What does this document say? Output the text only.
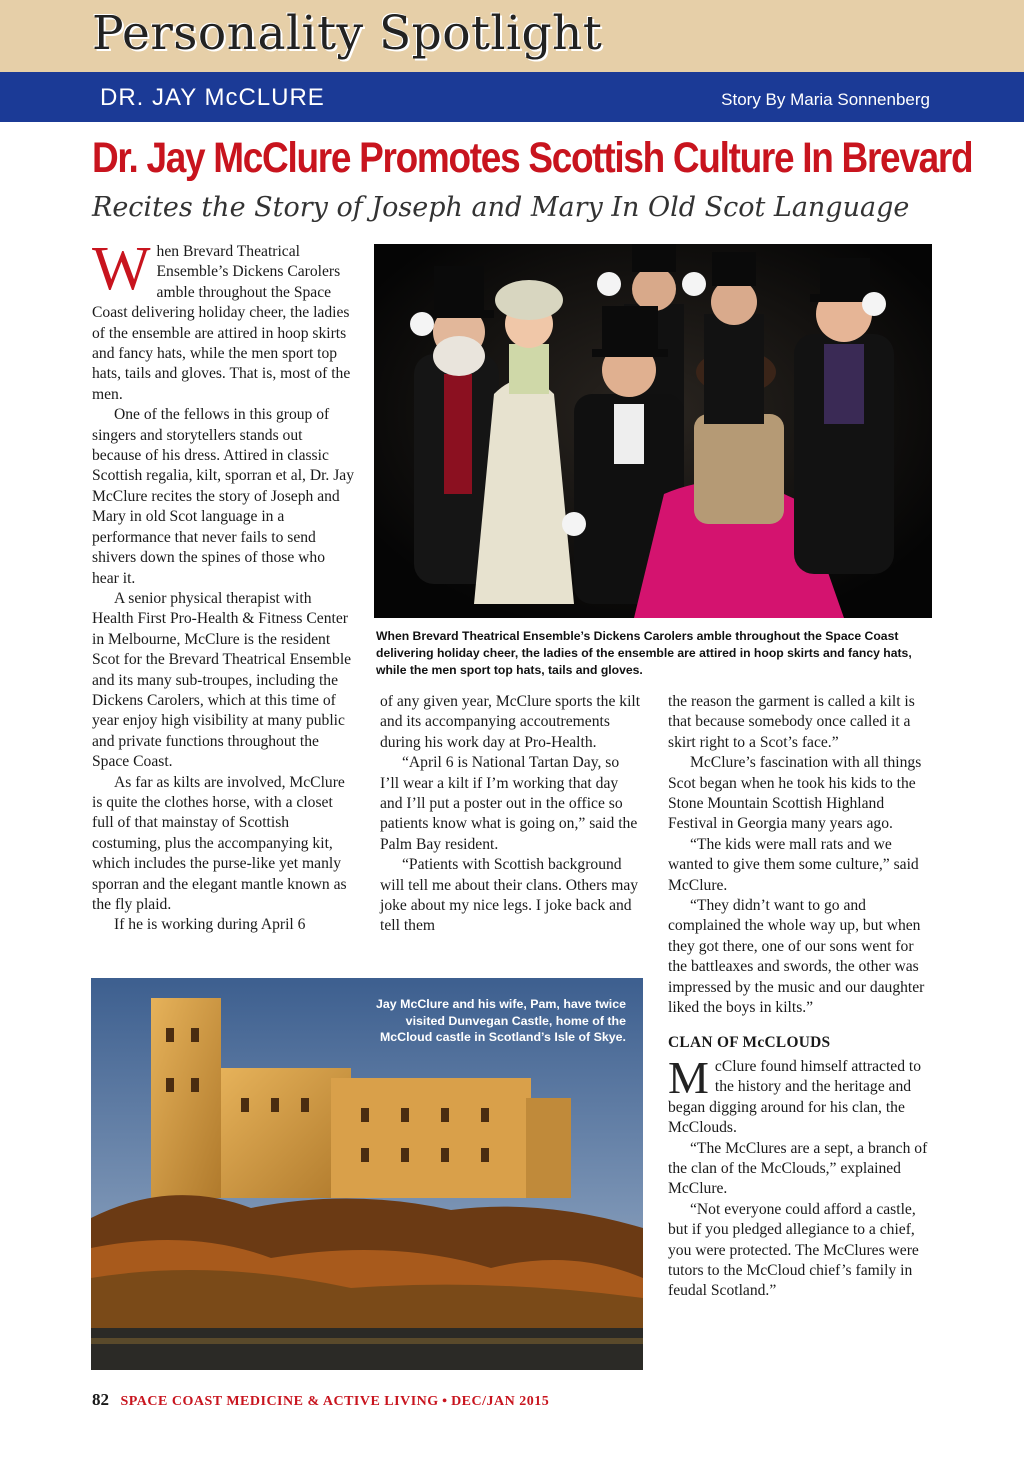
Personality Spotlight
DR. JAY McCLURE	Story By Maria Sonnenberg
Dr. Jay McClure Promotes Scottish Culture In Brevard
Recites the Story of Joseph and Mary In Old Scot Language

When Brevard Theatrical Ensemble’s Dickens Carolers amble throughout the Space Coast delivering holiday cheer, the ladies of the ensemble are attired in hoop skirts and fancy hats, while the men sport top hats, tails and gloves. That is, most of the men.

One of the fellows in this group of singers and storytellers stands out because of his dress. Attired in classic Scottish regalia, kilt, sporran et al, Dr. Jay McClure recites the story of Joseph and Mary in old Scot language in a performance that never fails to send shivers down the spines of those who hear it.

A senior physical therapist with Health First Pro-Health & Fitness Center in Melbourne, McClure is the resident Scot for the Brevard Theatrical Ensemble and its many sub-troupes, including the Dickens Carolers, which at this time of year enjoy high visibility at many public and private functions throughout the Space Coast.

As far as kilts are involved, McClure is quite the clothes horse, with a closet full of that mainstay of Scottish costuming, plus the accompanying kit, which includes the purse-like yet manly sporran and the elegant mantle known as the fly plaid.

If he is working during April 6

When Brevard Theatrical Ensemble’s Dickens Carolers amble throughout the Space Coast delivering holiday cheer, the ladies of the ensemble are attired in hoop skirts and fancy hats, while the men sport top hats, tails and gloves.

of any given year, McClure sports the kilt and its accompanying accoutrements during his work day at Pro-Health.

“April 6 is National Tartan Day, so I’ll wear a kilt if I’m working that day and I’ll put a poster out in the office so patients know what is going on,” said the Palm Bay resident.

“Patients with Scottish background will tell me about their clans. Others may joke about my nice legs. I joke back and tell them

the reason the garment is called a kilt is that because somebody once called it a skirt right to a Scot’s face.”

McClure’s fascination with all things Scot began when he took his kids to the Stone Mountain Scottish Highland Festival in Georgia many years ago.

“The kids were mall rats and we wanted to give them some culture,” said McClure.

“They didn’t want to go and complained the whole way up, but when they got there, one of our sons went for the battleaxes and swords, the other was impressed by the music and our daughter liked the boys in kilts.”

CLAN OF McCLOUDS

McClure found himself attracted to the history and the heritage and began digging around for his clan, the McClouds.

“The McClures are a sept, a branch of the clan of the McClouds,” explained McClure.

“Not everyone could afford a castle, but if you pledged allegiance to a chief, you were protected. The McClures were tutors to the McCloud chief’s family in feudal Scotland.”

Jay McClure and his wife, Pam, have twice visited Dunvegan Castle, home of the McCloud castle in Scotland’s Isle of Skye.
82 SPACE COAST MEDICINE & ACTIVE LIVING • DEC/JAN 2015
